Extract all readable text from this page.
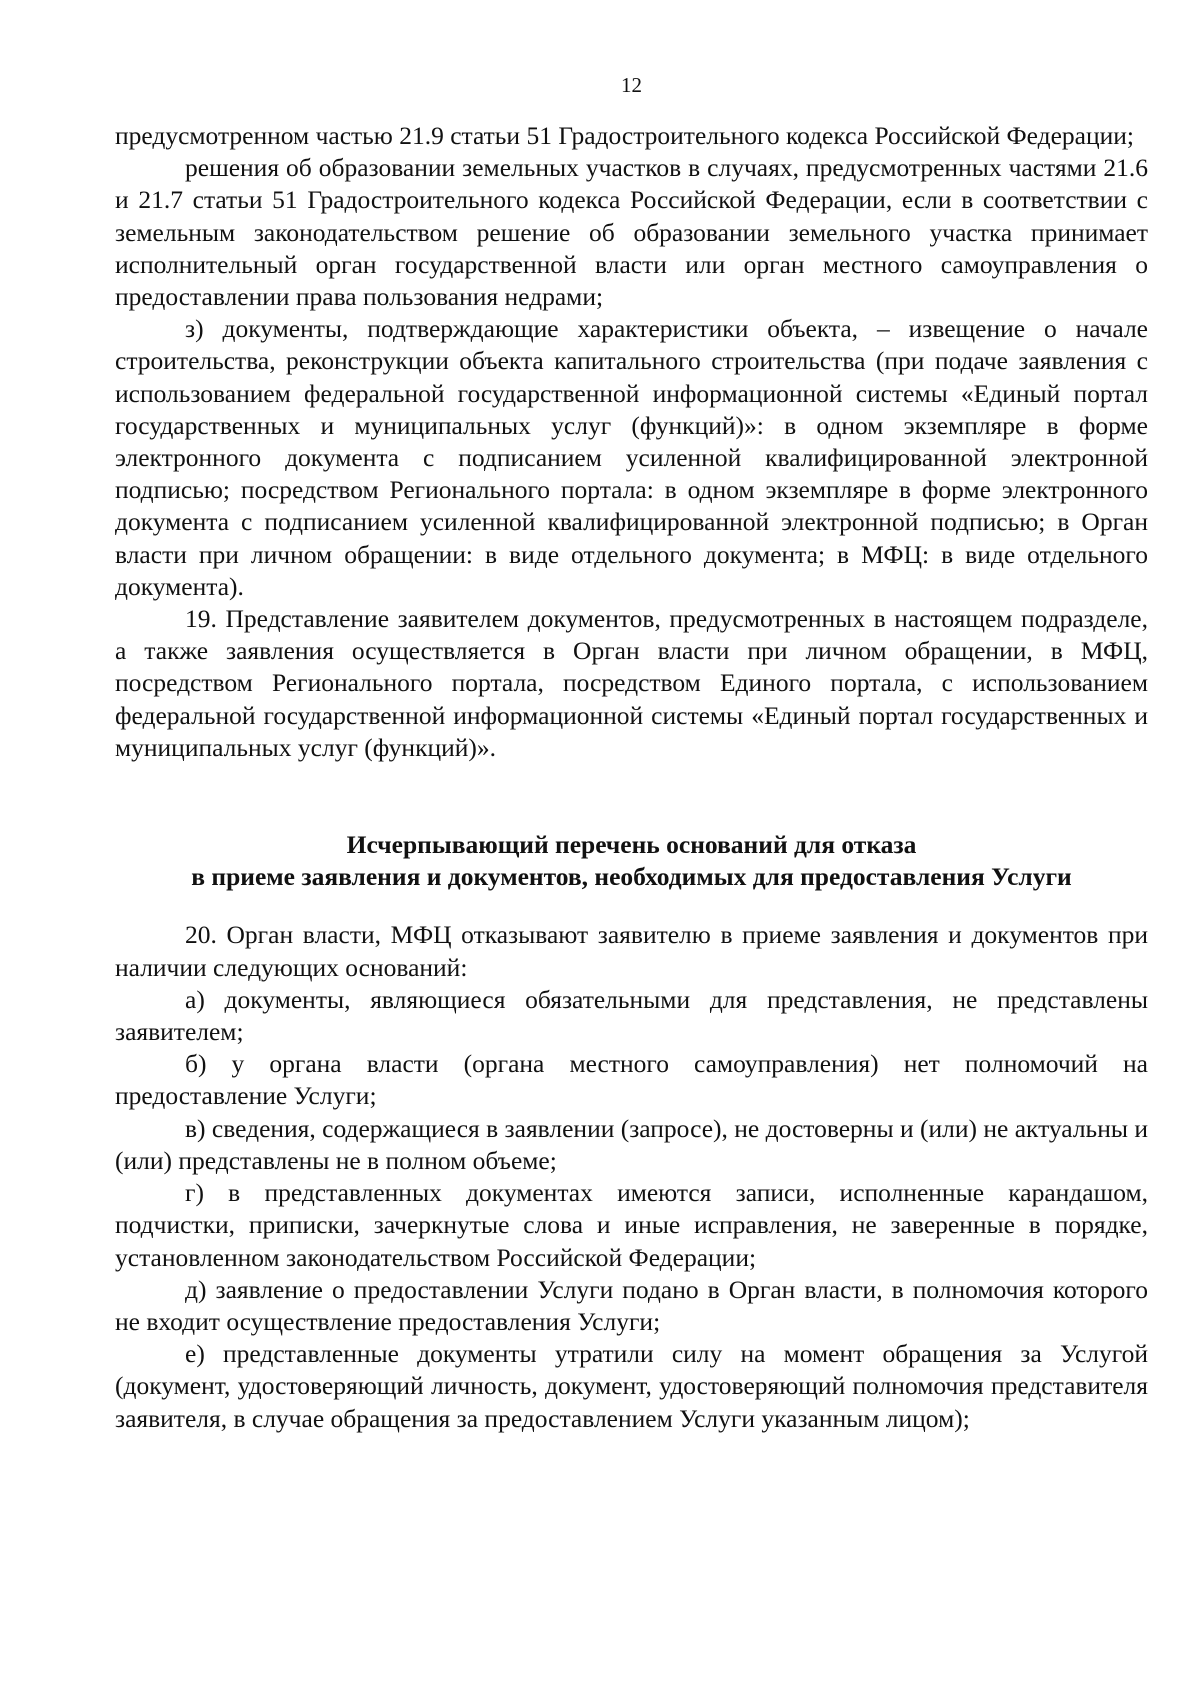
12

предусмотренном частью 21.9 статьи 51 Градостроительного кодекса Российской Федерации;

решения об образовании земельных участков в случаях, предусмотренных частями 21.6 и 21.7 статьи 51 Градостроительного кодекса Российской Федерации, если в соответствии с земельным законодательством решение об образовании земельного участка принимает исполнительный орган государственной власти или орган местного самоуправления о предоставлении права пользования недрами;

з) документы, подтверждающие характеристики объекта, – извещение о начале строительства, реконструкции объекта капитального строительства (при подаче заявления с использованием федеральной государственной информационной системы «Единый портал государственных и муниципальных услуг (функций)»: в одном экземпляре в форме электронного документа с подписанием усиленной квалифицированной электронной подписью; посредством Регионального портала: в одном экземпляре в форме электронного документа с подписанием усиленной квалифицированной электронной подписью; в Орган власти при личном обращении: в виде отдельного документа; в МФЦ: в виде отдельного документа).

19. Представление заявителем документов, предусмотренных в настоящем подразделе, а также заявления осуществляется в Орган власти при личном обращении, в МФЦ, посредством Регионального портала, посредством Единого портала, с использованием федеральной государственной информационной системы «Единый портал государственных и муниципальных услуг (функций)».

Исчерпывающий перечень оснований для отказа

в приеме заявления и документов, необходимых для предоставления Услуги

20. Орган власти, МФЦ отказывают заявителю в приеме заявления и документов при наличии следующих оснований:

а) документы, являющиеся обязательными для представления, не представлены заявителем;

б) у органа власти (органа местного самоуправления) нет полномочий на предоставление Услуги;

в) сведения, содержащиеся в заявлении (запросе), не достоверны и (или) не актуальны и (или) представлены не в полном объеме;

г) в представленных документах имеются записи, исполненные карандашом, подчистки, приписки, зачеркнутые слова и иные исправления, не заверенные в порядке, установленном законодательством Российской Федерации;

д) заявление о предоставлении Услуги подано в Орган власти, в полномочия которого не входит осуществление предоставления Услуги;

е) представленные документы утратили силу на момент обращения за Услугой (документ, удостоверяющий личность, документ, удостоверяющий полномочия представителя заявителя, в случае обращения за предоставлением Услуги указанным лицом);
